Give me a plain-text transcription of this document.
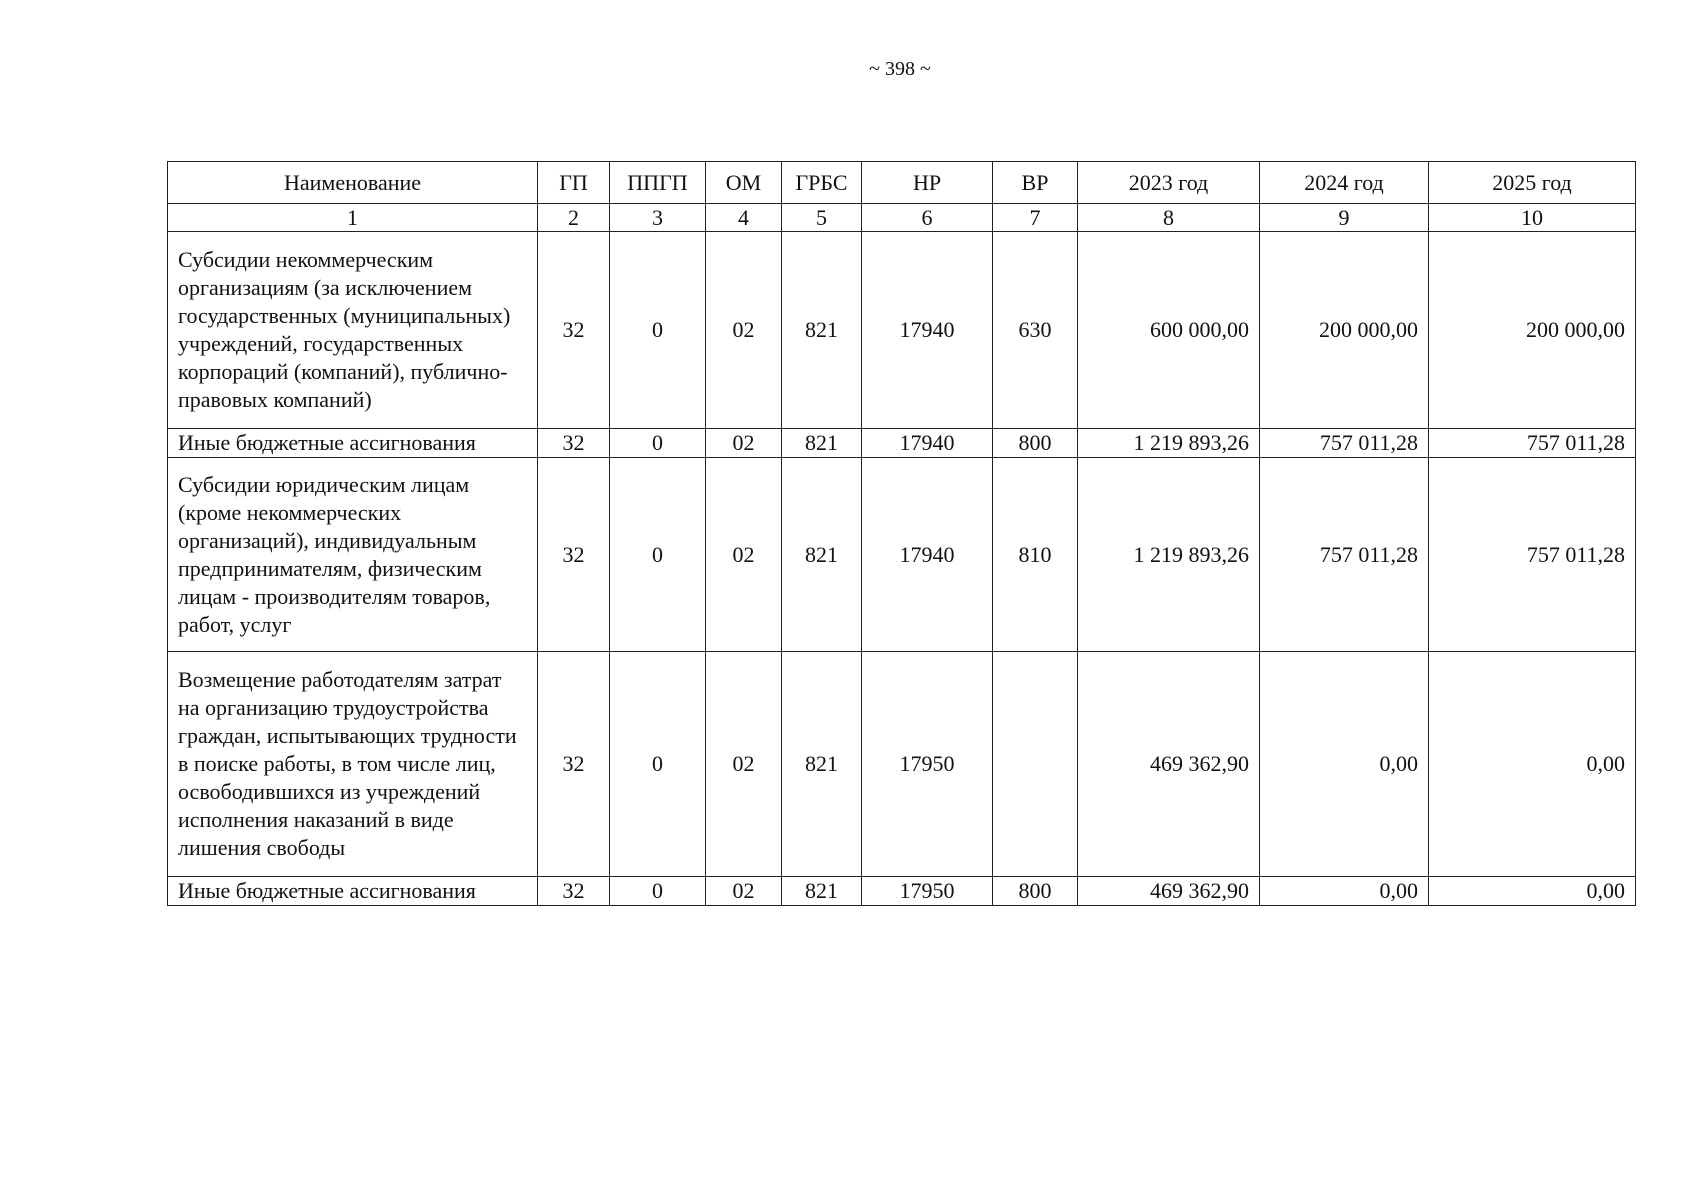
~ 398 ~
Наименование	ГП	ППГП	ОМ	ГРБС	НР	ВР	2023 год	2024 год	2025 год
1	2	3	4	5	6	7	8	9	10
Субсидии некоммерческим организациям (за исключением государственных (муниципальных) учреждений, государственных корпораций (компаний), публично-правовых компаний)	32	0	02	821	17940	630	600 000,00	200 000,00	200 000,00
Иные бюджетные ассигнования	32	0	02	821	17940	800	1 219 893,26	757 011,28	757 011,28
Субсидии юридическим лицам (кроме некоммерческих организаций), индивидуальным предпринимателям, физическим лицам - производителям товаров, работ, услуг	32	0	02	821	17940	810	1 219 893,26	757 011,28	757 011,28
Возмещение работодателям затрат на организацию трудоустройства граждан, испытывающих трудности в поиске работы, в том числе лиц, освободившихся из учреждений исполнения наказаний в виде лишения свободы	32	0	02	821	17950		469 362,90	0,00	0,00
Иные бюджетные ассигнования	32	0	02	821	17950	800	469 362,90	0,00	0,00
